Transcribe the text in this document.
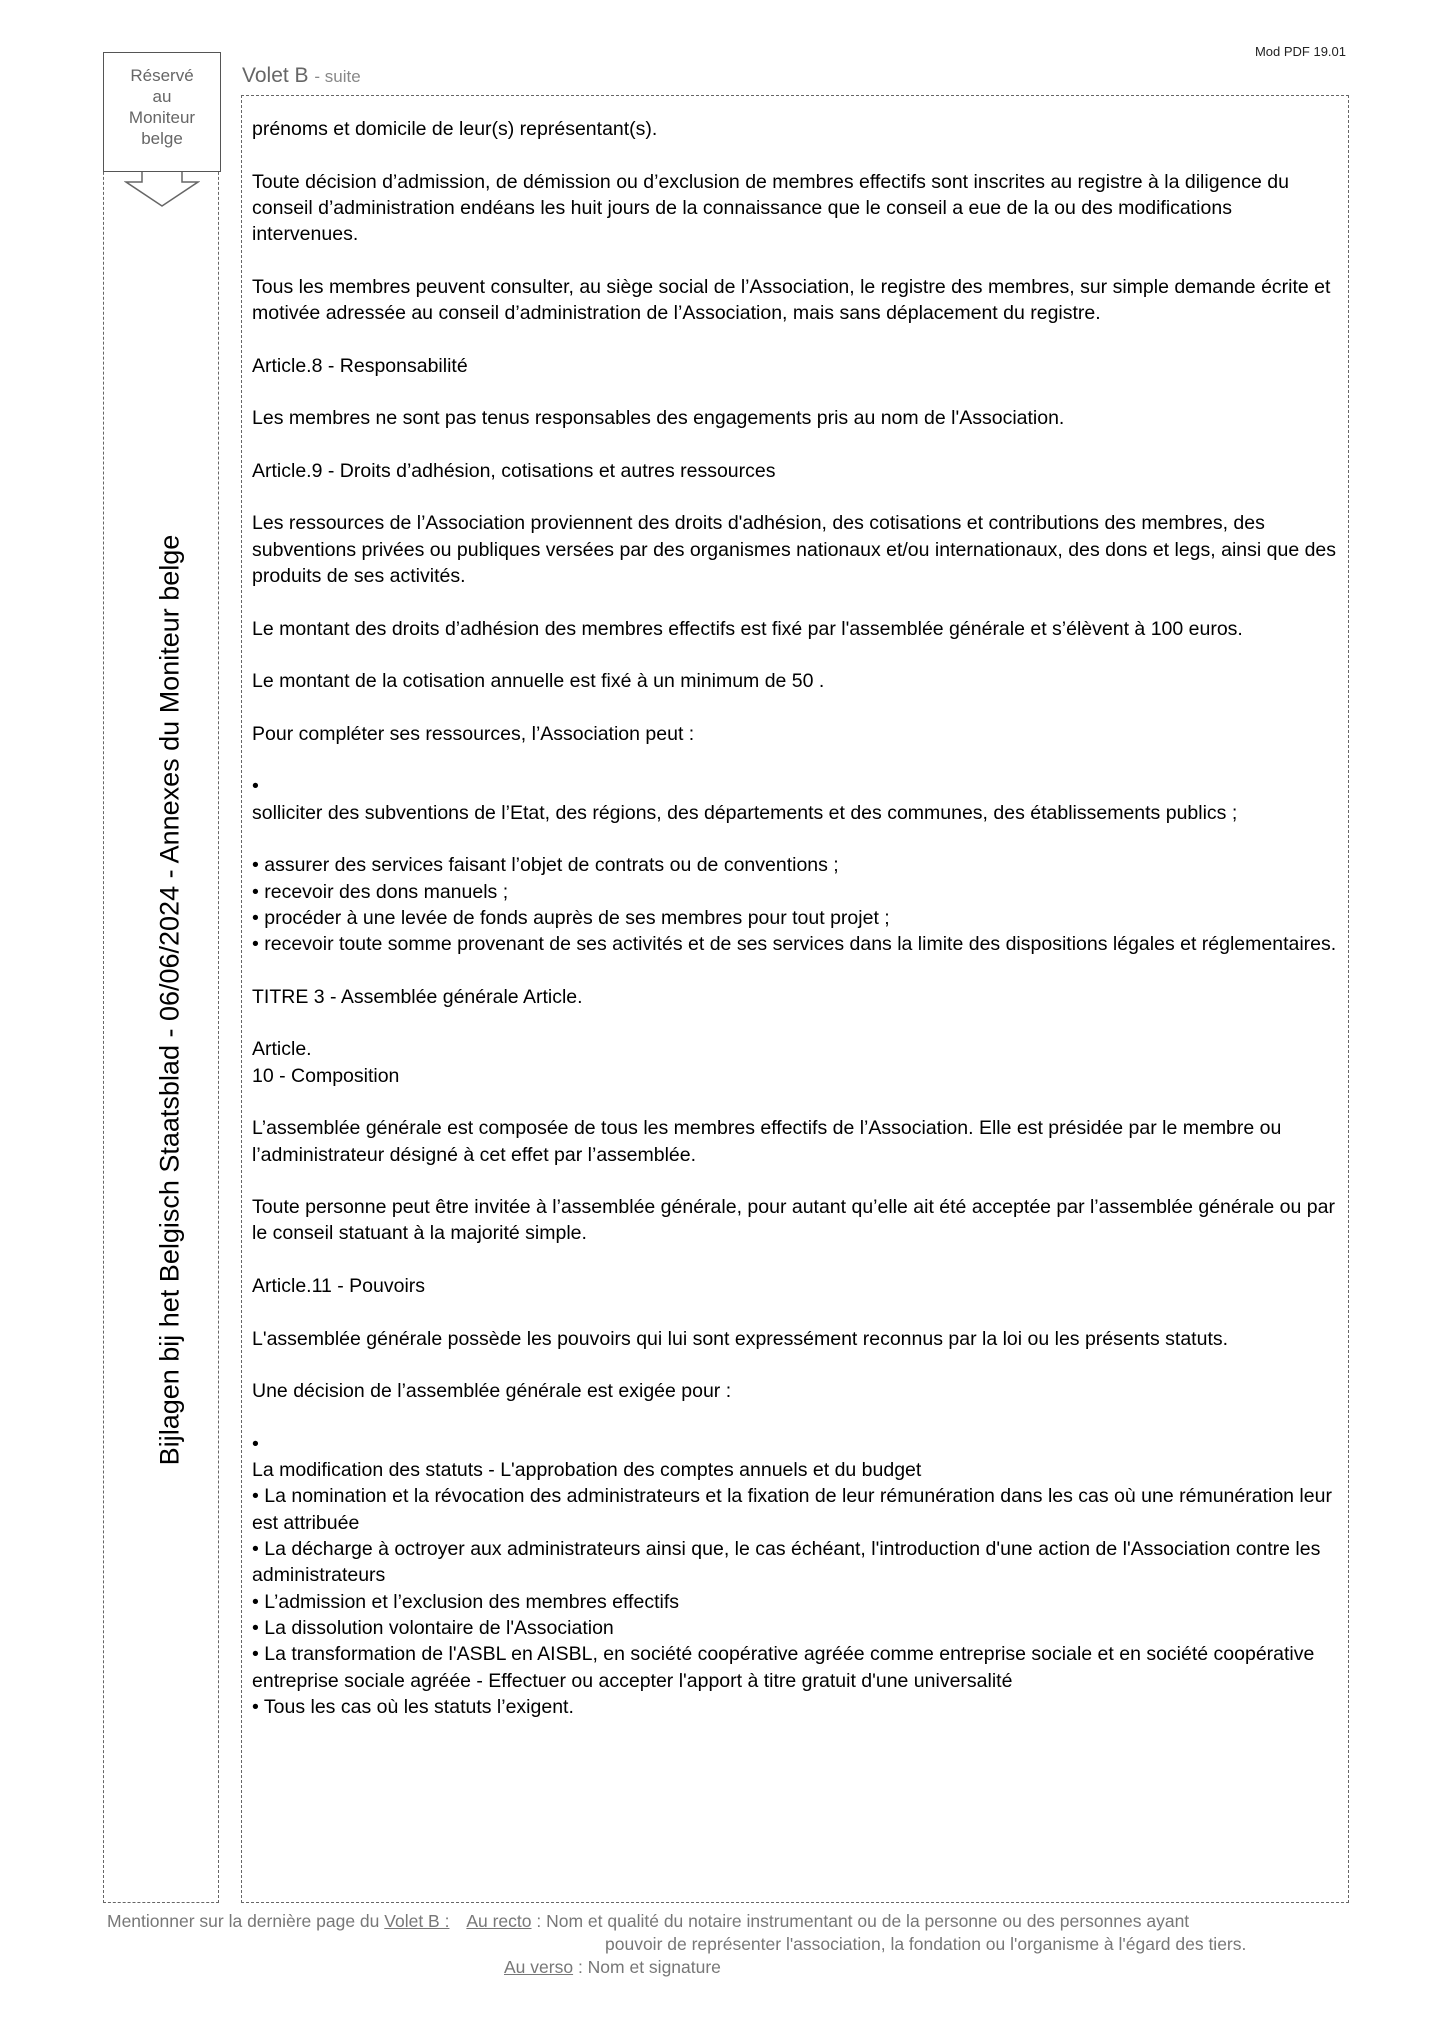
Mod PDF 19.01
Réservé
au
Moniteur
belge
Bijlagen bij het Belgisch Staatsblad - 06/06/2024 - Annexes du Moniteur belge
Volet B - suite

prénoms et domicile de leur(s) représentant(s).

Toute décision d’admission, de démission ou d’exclusion de membres effectifs sont inscrites au registre à la diligence du conseil d’administration endéans les huit jours de la connaissance que le conseil a eue de la ou des modifications intervenues.

Tous les membres peuvent consulter, au siège social de l’Association, le registre des membres, sur simple demande écrite et motivée adressée au conseil d’administration de l’Association, mais sans déplacement du registre.

Article.8 - Responsabilité

Les membres ne sont pas tenus responsables des engagements pris au nom de l'Association.

Article.9 - Droits d’adhésion, cotisations et autres ressources

Les ressources de l’Association proviennent des droits d'adhésion, des cotisations et contributions des membres, des subventions privées ou publiques versées par des organismes nationaux et/ou internationaux, des dons et legs, ainsi que des produits de ses activités.

Le montant des droits d’adhésion des membres effectifs est fixé par l'assemblée générale et s’élèvent à 100 euros.

Le montant de la cotisation annuelle est fixé à un minimum de 50 .

Pour compléter ses ressources, l’Association peut :

•
solliciter des subventions de l’Etat, des régions, des départements et des communes, des établissements publics ;

• assurer des services faisant l’objet de contrats ou de conventions ;
• recevoir des dons manuels ;
• procéder à une levée de fonds auprès de ses membres pour tout projet ;
• recevoir toute somme provenant de ses activités et de ses services dans la limite des dispositions légales et réglementaires.

TITRE 3 - Assemblée générale Article.

Article.
10 - Composition

L’assemblée générale est composée de tous les membres effectifs de l’Association. Elle est présidée par le membre ou l’administrateur désigné à cet effet par l’assemblée.

Toute personne peut être invitée à l’assemblée générale, pour autant qu’elle ait été acceptée par l’assemblée générale ou par le conseil statuant à la majorité simple.

Article.11 - Pouvoirs

L'assemblée générale possède les pouvoirs qui lui sont expressément reconnus par la loi ou les présents statuts.

Une décision de l’assemblée générale est exigée pour :

•
La modification des statuts - L'approbation des comptes annuels et du budget
• La nomination et la révocation des administrateurs et la fixation de leur rémunération dans les cas où une rémunération leur est attribuée
• La décharge à octroyer aux administrateurs ainsi que, le cas échéant, l'introduction d'une action de l'Association contre les administrateurs
• L’admission et l’exclusion des membres effectifs
• La dissolution volontaire de l'Association
• La transformation de l'ASBL en AISBL, en société coopérative agréée comme entreprise sociale et en société coopérative entreprise sociale agréée - Effectuer ou accepter l'apport à titre gratuit d'une universalité
• Tous les cas où les statuts l’exigent.

Mentionner sur la dernière page du Volet B : Au recto : Nom et qualité du notaire instrumentant ou de la personne ou des personnes ayant
pouvoir de représenter l'association, la fondation ou l'organisme à l'égard des tiers.
Au verso : Nom et signature
